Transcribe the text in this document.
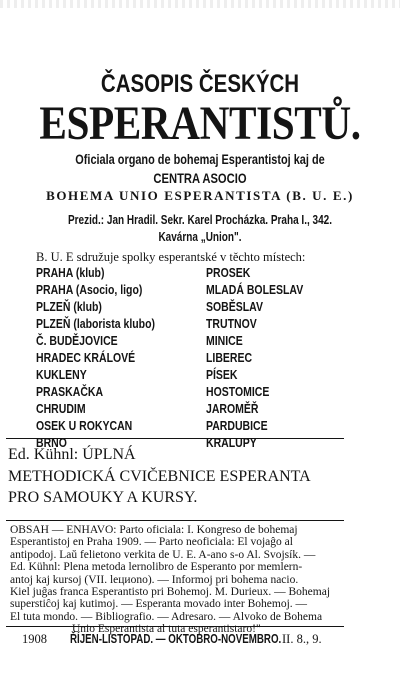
ČASOPIS ČESKÝCH
ESPERANTISTŮ.
Oficiala organo de bohemaj Esperantistoj kaj de
CENTRA ASOCIO
BOHEMA UNIO ESPERANTISTA (B. U. E.)
Prezid.: Jan Hradil. Sekr. Karel Procházka. Praha I., 342.
Kavárna „Union".
B. U. E sdružuje spolky esperantské v těchto místech:
PRAHA (klub)
PRAHA (Asocio, ligo)
PLZEŇ (klub)
PLZEŇ (laborista klubo)
Č. BUDĚJOVICE
HRADEC KRÁLOVÉ
KUKLENY
PRASKAČKA
CHRUDIM
OSEK U ROKYCAN
BRNO
PROSEK
MLADÁ BOLESLAV
SOBĚSLAV
TRUTNOV
MINICE
LIBEREC
PÍSEK
HOSTOMICE
JAROMĚŘ
PARDUBICE
KRALUPY
Ed. Kühnl: ÚPLNÁ
METHODICKÁ CVIČEBNICE ESPERANTA
PRO SAMOUKY A KURSY.
OBSAH — ENHAVO: Parto oficiala: I. Kongreso de bohemaj
Esperantistoj en Praha 1909. — Parto neoficiala: El vojaĝo al
antipodoj. Laŭ felietono verkita de U. E. A-ano s-o Al. Svojsík. —
Ed. Kühnl: Plena metoda lernolibro de Esperanto por memlern-
antoj kaj kursoj (VII. lециono). — Informoj pri bohema nacio.
Kiel juĝas franca Esperantisto pri Bohemoj. M. Durieux. — Bohemaj
superstiĉoj kaj kutimoj. — Esperanta movado inter Bohemoj. —
El tuta mondo. — Bibliografio. — Adresaro. — Alvoko de Bohema
Unio Esperantista al tuta esperantistaro!"
1908 ŘÍJEN-LISTOPAD. — OKTOBRO-NOVEMBRO. II. 8., 9.
